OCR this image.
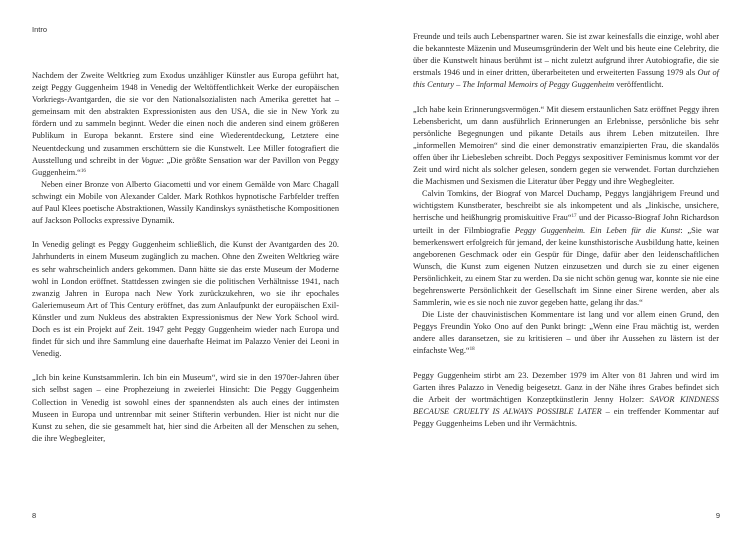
Intro

Nachdem der Zweite Weltkrieg zum Exodus unzähliger Künstler aus Europa geführt hat, zeigt Peggy Guggenheim 1948 in Venedig der Weltöffentlichkeit Werke der europäischen Vorkriegs-Avantgarden, die sie vor den Nationalsozialisten nach Amerika gerettet hat – gemeinsam mit den abstrakten Expressionisten aus den USA, die sie in New York zu fördern und zu sammeln beginnt. Weder die einen noch die anderen sind einem größeren Publikum in Europa bekannt. Erstere sind eine Wiederentdeckung, Letztere eine Neuentdeckung und zusammen erschüttern sie die Kunstwelt. Lee Miller fotografiert die Ausstellung und schreibt in der Vogue: „Die größte Sensation war der Pavillon von Peggy Guggenheim.“$^{16}$

Neben einer Bronze von Alberto Giacometti und vor einem Gemälde von Marc Chagall schwingt ein Mobile von Alexander Calder. Mark Rothkos hypnotische Farbfelder treffen auf Paul Klees poetische Abstraktionen, Wassily Kandinskys synästhetische Kompositionen auf Jackson Pollocks expressive Dynamik.

In Venedig gelingt es Peggy Guggenheim schließlich, die Kunst der Avantgarden des 20. Jahrhunderts in einem Museum zugänglich zu machen. Ohne den Zweiten Weltkrieg wäre es sehr wahrscheinlich anders gekommen. Dann hätte sie das erste Museum der Moderne wohl in London eröffnet. Stattdessen zwingen sie die politischen Verhältnisse 1941, nach zwanzig Jahren in Europa nach New York zurückzukehren, wo sie ihr epochales Galeriemuseum Art of This Century eröffnet, das zum Anlaufpunkt der europäischen Exil-Künstler und zum Nukleus des abstrakten Expressionismus der New York School wird. Doch es ist ein Projekt auf Zeit. 1947 geht Peggy Guggenheim wieder nach Europa und findet für sich und ihre Sammlung eine dauerhafte Heimat im Palazzo Venier dei Leoni in Venedig.

„Ich bin keine Kunstsammlerin. Ich bin ein Museum“, wird sie in den 1970er-Jahren über sich selbst sagen – eine Prophezeiung in zweierlei Hinsicht: Die Peggy Guggenheim Collection in Venedig ist sowohl eines der spannendsten als auch eines der intimsten Museen in Europa und untrennbar mit seiner Stifterin verbunden. Hier ist nicht nur die Kunst zu sehen, die sie gesammelt hat, hier sind die Arbeiten all der Menschen zu sehen, die ihre Wegbegleiter,

8

Freunde und teils auch Lebenspartner waren. Sie ist zwar keinesfalls die einzige, wohl aber die bekannteste Mäzenin und Museumsgründerin der Welt und bis heute eine Celebrity, die über die Kunstwelt hinaus berühmt ist – nicht zuletzt aufgrund ihrer Autobiografie, die sie erstmals 1946 und in einer dritten, überarbeiteten und erweiterten Fassung 1979 als Out of this Century – The Informal Memoirs of Peggy Guggenheim veröffentlicht.

„Ich habe kein Erinnerungsvermögen.“ Mit diesem erstaunlichen Satz eröffnet Peggy ihren Lebensbericht, um dann ausführlich Erinnerungen an Erlebnisse, persönliche bis sehr persönliche Begegnungen und pikante Details aus ihrem Leben mitzuteilen. Ihre „informellen Memoiren“ sind die einer demonstrativ emanzipierten Frau, die skandalös offen über ihr Liebesleben schreibt. Doch Peggys sexpositiver Feminismus kommt vor der Zeit und wird nicht als solcher gelesen, sondern gegen sie verwendet. Fortan durchziehen die Machismen und Sexismen die Literatur über Peggy und ihre Wegbegleiter.

Calvin Tomkins, der Biograf von Marcel Duchamp, Peggys langjährigem Freund und wichtigstem Kunstberater, beschreibt sie als inkompetent und als „linkische, unsichere, herrische und heißhungrig promiskuitive Frau“$^{17}$ und der Picasso-Biograf John Richardson urteilt in der Filmbiografie Peggy Guggenheim. Ein Leben für die Kunst: „Sie war bemerkenswert erfolgreich für jemand, der keine kunsthistorische Ausbildung hatte, keinen angeborenen Geschmack oder ein Gespür für Dinge, dafür aber den leidenschaftlichen Wunsch, die Kunst zum eigenen Nutzen einzusetzen und durch sie zu einer eigenen Persönlichkeit, zu einem Star zu werden. Da sie nicht schön genug war, konnte sie nie eine begehrenswerte Persönlichkeit der Gesellschaft im Sinne einer Sirene werden, aber als Sammlerin, wie es sie noch nie zuvor gegeben hatte, gelang ihr das.“

Die Liste der chauvinistischen Kommentare ist lang und vor allem einen Grund, den Peggys Freundin Yoko Ono auf den Punkt bringt: „Wenn eine Frau mächtig ist, werden andere alles daransetzen, sie zu kritisieren – und über ihr Aussehen zu lästern ist der einfachste Weg.“$^{18}$

Peggy Guggenheim stirbt am 23. Dezember 1979 im Alter von 81 Jahren und wird im Garten ihres Palazzo in Venedig beigesetzt. Ganz in der Nähe ihres Grabes befindet sich die Arbeit der wortmächtigen Konzeptkünstlerin Jenny Holzer: SAVOR KINDNESS BECAUSE CRUELTY IS ALWAYS POSSIBLE LATER – ein treffender Kommentar auf Peggy Guggenheims Leben und ihr Vermächtnis.

9
